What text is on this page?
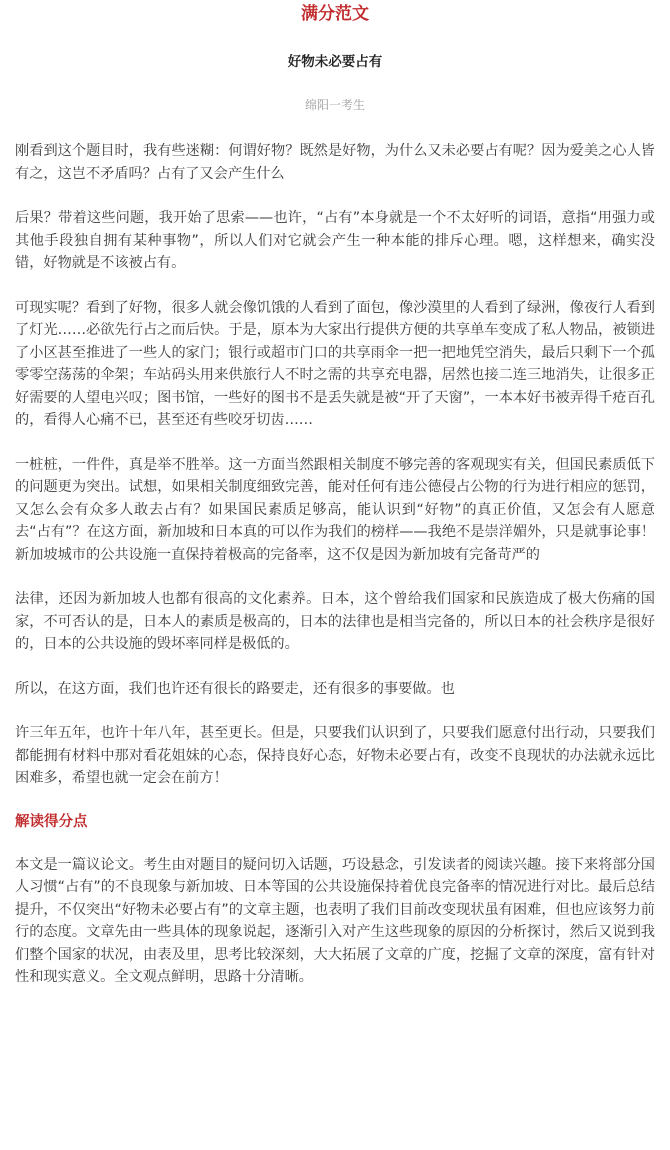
满分范文
好物未必要占有
绵阳一考生

刚看到这个题目时，我有些迷糊：何谓好物？既然是好物，为什么又未必要占有呢？因为爱美之心人皆有之，这岂不矛盾吗？占有了又会产生什么

后果？带着这些问题，我开始了思索——也许，“占有”本身就是一个不太好听的词语，意指“用强力或其他手段独自拥有某种事物”，所以人们对它就会产生一种本能的排斥心理。嗯，这样想来，确实没错，好物就是不该被占有。

可现实呢？看到了好物，很多人就会像饥饿的人看到了面包，像沙漠里的人看到了绿洲，像夜行人看到了灯光……必欲先行占之而后快。于是，原本为大家出行提供方便的共享单车变成了私人物品，被锁进了小区甚至推进了一些人的家门；银行或超市门口的共享雨伞一把一把地凭空消失，最后只剩下一个孤零零空荡荡的伞架；车站码头用来供旅行人不时之需的共享充电器，居然也接二连三地消失，让很多正好需要的人望电兴叹；图书馆，一些好的图书不是丢失就是被“开了天窗”，一本本好书被弄得千疮百孔的，看得人心痛不已，甚至还有些咬牙切齿……

一桩桩，一件件，真是举不胜举。这一方面当然跟相关制度不够完善的客观现实有关，但国民素质低下的问题更为突出。试想，如果相关制度细致完善，能对任何有违公德侵占公物的行为进行相应的惩罚，又怎么会有众多人敢去占有？如果国民素质足够高，能认识到“好物”的真正价值，又怎会有人愿意去“占有”？在这方面，新加坡和日本真的可以作为我们的榜样——我绝不是崇洋媚外，只是就事论事！新加坡城市的公共设施一直保持着极高的完备率，这不仅是因为新加坡有完备苛严的

法律，还因为新加坡人也都有很高的文化素养。日本，这个曾给我们国家和民族造成了极大伤痛的国家，不可否认的是，日本人的素质是极高的，日本的法律也是相当完备的，所以日本的社会秩序是很好的，日本的公共设施的毁坏率同样是极低的。

所以，在这方面，我们也许还有很长的路要走，还有很多的事要做。也

许三年五年，也许十年八年，甚至更长。但是，只要我们认识到了，只要我们愿意付出行动，只要我们都能拥有材料中那对看花姐妹的心态，保持良好心态，好物未必要占有，改变不良现状的办法就永远比困难多，希望也就一定会在前方！

解读得分点

本文是一篇议论文。考生由对题目的疑问切入话题，巧设悬念，引发读者的阅读兴趣。接下来将部分国人习惯“占有”的不良现象与新加坡、日本等国的公共设施保持着优良完备率的情况进行对比。最后总结提升，不仅突出“好物未必要占有”的文章主题，也表明了我们目前改变现状虽有困难，但也应该努力前行的态度。文章先由一些具体的现象说起，逐渐引入对产生这些现象的原因的分析探讨，然后又说到我们整个国家的状况，由表及里，思考比较深刻，大大拓展了文章的广度，挖掘了文章的深度，富有针对性和现实意义。全文观点鲜明，思路十分清晰。
